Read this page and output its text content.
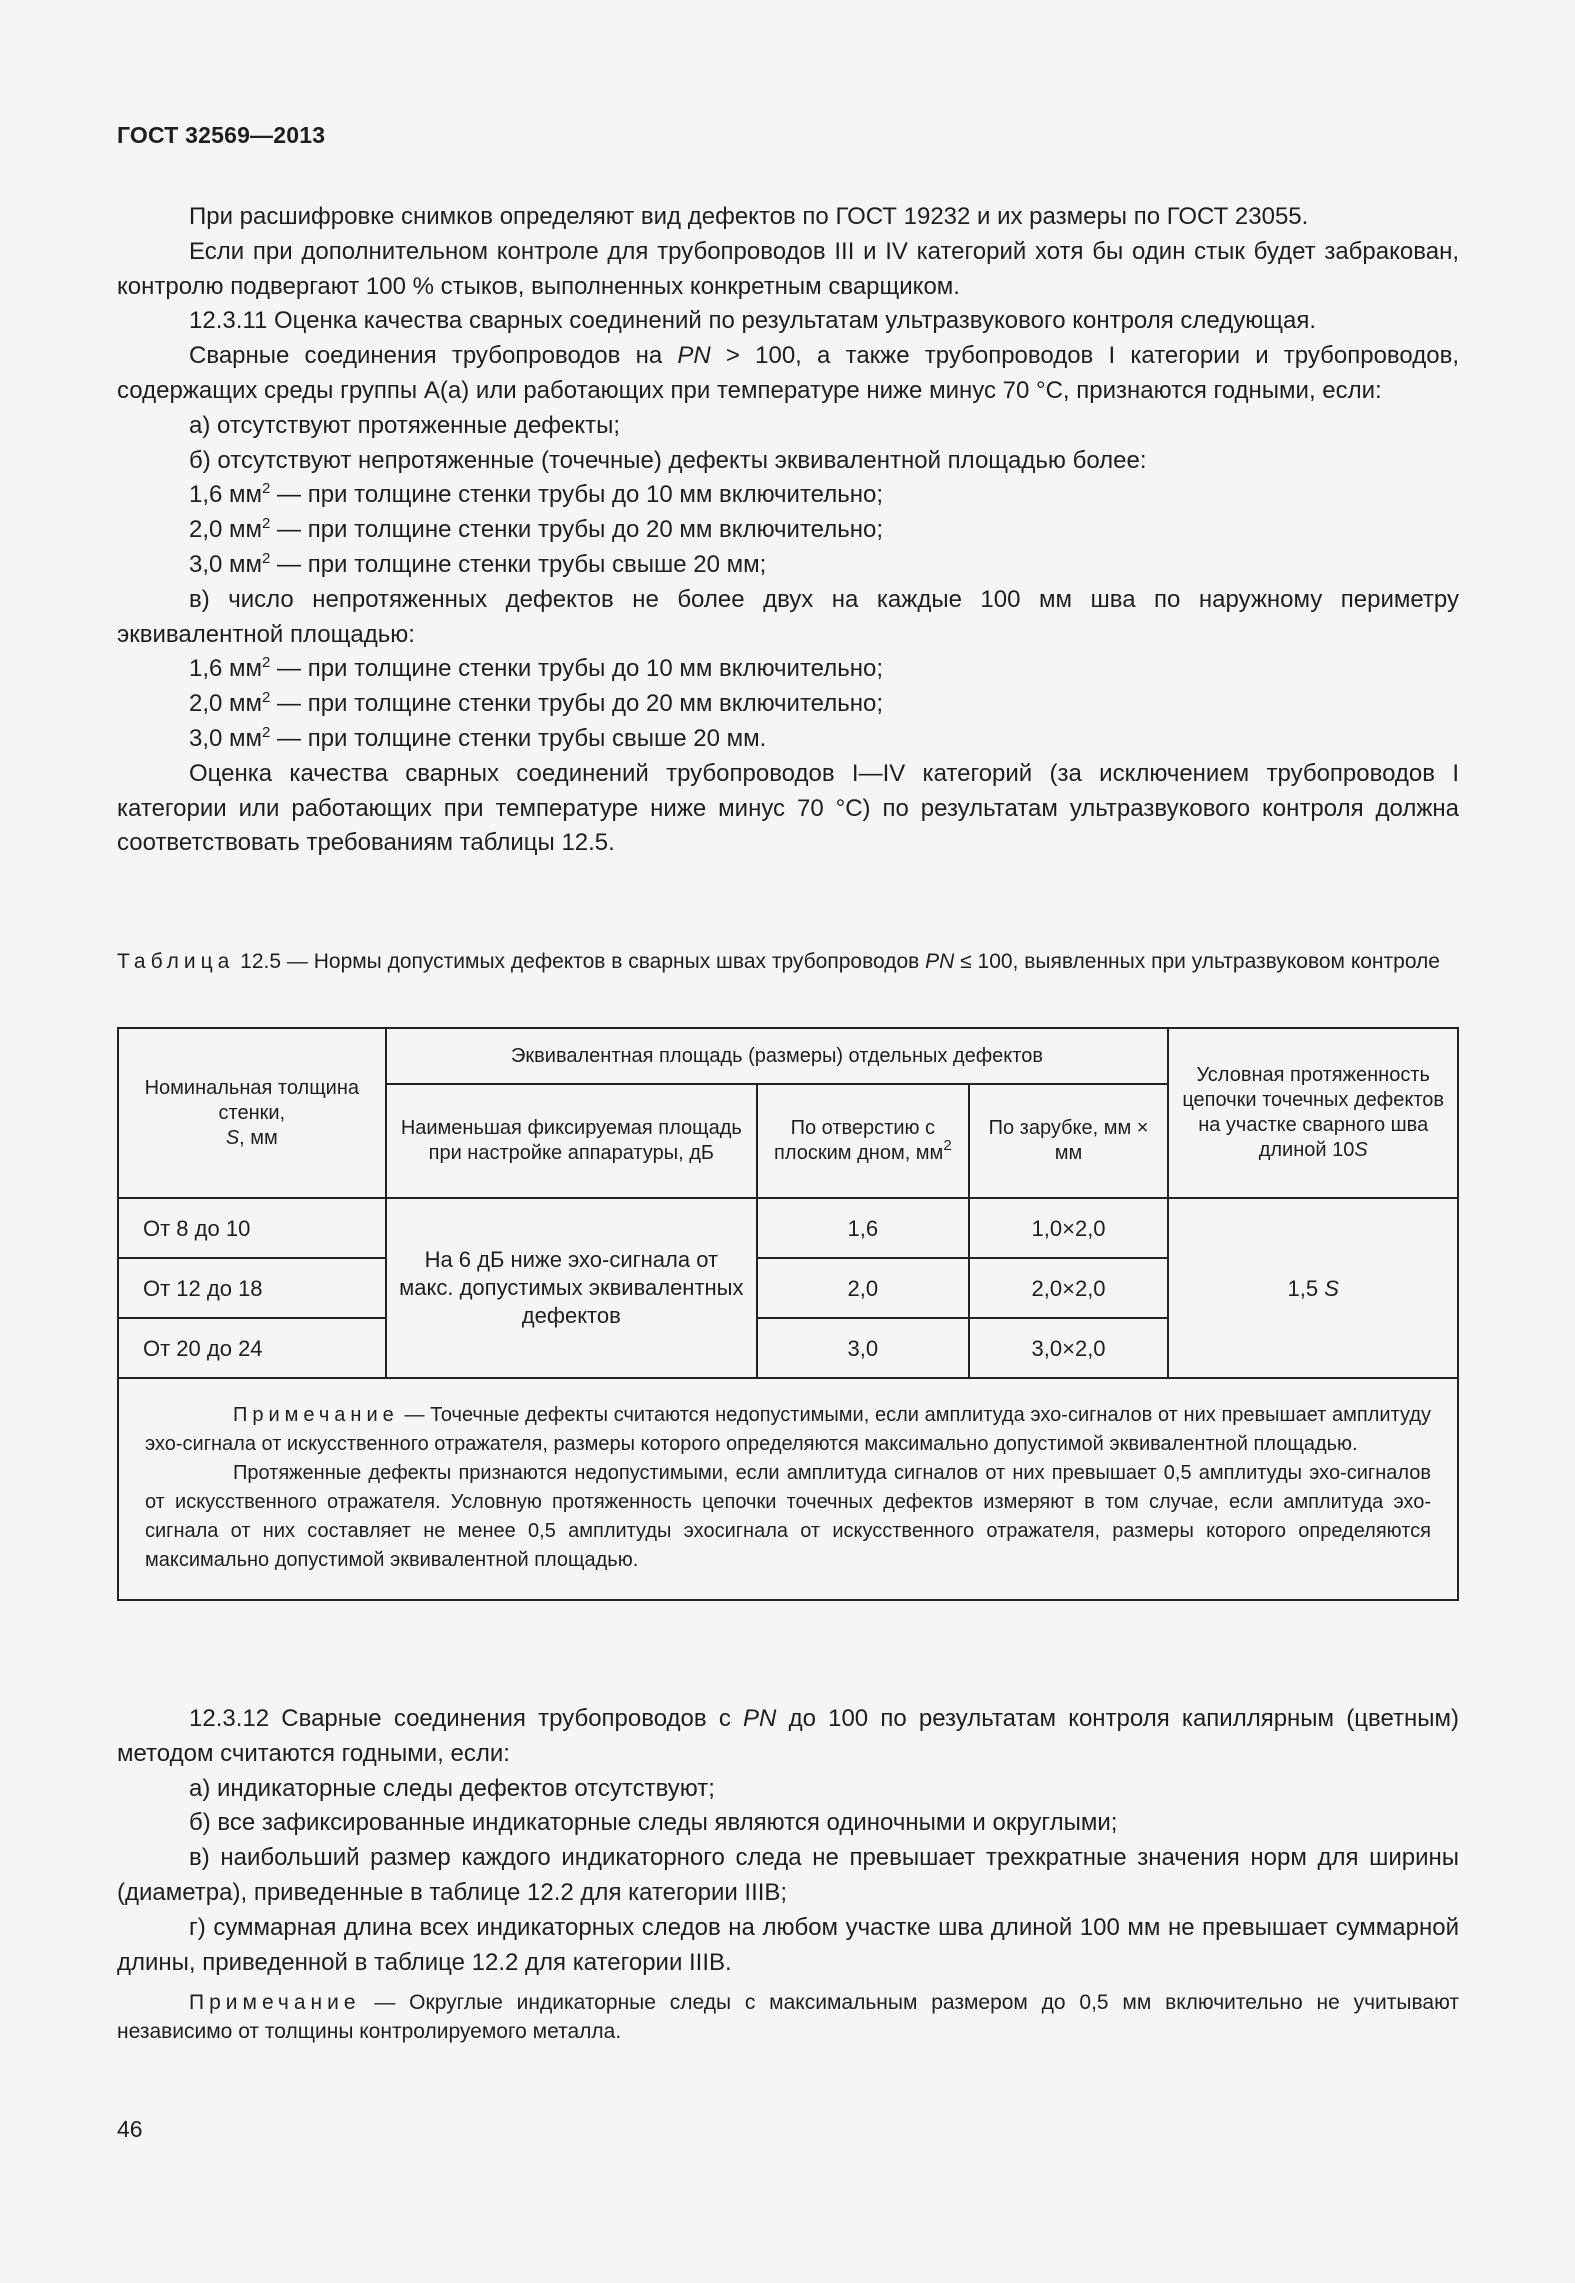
ГОСТ 32569—2013

При расшифровке снимков определяют вид дефектов по ГОСТ 19232 и их размеры по ГОСТ 23055.

Если при дополнительном контроле для трубопроводов III и IV категорий хотя бы один стык будет забракован, контролю подвергают 100 % стыков, выполненных конкретным сварщиком.

12.3.11 Оценка качества сварных соединений по результатам ультразвукового контроля следующая.

Сварные соединения трубопроводов на PN > 100, а также трубопроводов I категории и трубопроводов, содержащих среды группы А(а) или работающих при температуре ниже минус 70 °С, признаются годными, если:

а) отсутствуют протяженные дефекты;

б) отсутствуют непротяженные (точечные) дефекты эквивалентной площадью более:

1,6 $мм^2$ — при толщине стенки трубы до 10 мм включительно;

2,0 $мм^2$ — при толщине стенки трубы до 20 мм включительно;

3,0 $мм^2$ — при толщине стенки трубы свыше 20 мм;

в) число непротяженных дефектов не более двух на каждые 100 мм шва по наружному периметру эквивалентной площадью:

1,6 $мм^2$ — при толщине стенки трубы до 10 мм включительно;

2,0 $мм^2$ — при толщине стенки трубы до 20 мм включительно;

3,0 $мм^2$ — при толщине стенки трубы свыше 20 мм.

Оценка качества сварных соединений трубопроводов I—IV категорий (за исключением трубопроводов I категории или работающих при температуре ниже минус 70 °С) по результатам ультразвукового контроля должна соответствовать требованиям таблицы 12.5.

Таблица 12.5 — Нормы допустимых дефектов в сварных швах трубопроводов PN ≤ 100, выявленных при ультразвуковом контроле
Номинальная толщина стенки,
S, мм	Эквивалентная площадь (размеры) отдельных дефектов			Условная протяженность цепочки точечных дефектов на участке сварного шва длиной 10S
	Наименьшая фиксируемая площадь при настройке аппаратуры, дБ	По отверстию с плоским дном, $мм^2$	По зарубке, мм × мм	
От 8 до 10	На 6 дБ ниже эхо-сигнала от макс. допустимых эквивалентных дефектов	1,6	1,0×2,0	1,5 S
От 12 до 18		2,0	2,0×2,0	
От 20 до 24		3,0	3,0×2,0	

Примечание — Точечные дефекты считаются недопустимыми, если амплитуда эхо-сигналов от них превышает амплитуду эхо-сигнала от искусственного отражателя, размеры которого определяются максимально допустимой эквивалентной площадью.

Протяженные дефекты признаются недопустимыми, если амплитуда сигналов от них превышает 0,5 амплитуды эхо-сигналов от искусственного отражателя. Условную протяженность цепочки точечных дефектов измеряют в том случае, если амплитуда эхо-сигнала от них составляет не менее 0,5 амплитуды эхосигнала от искусственного отражателя, размеры которого определяются максимально допустимой эквивалентной площадью.				

12.3.12 Сварные соединения трубопроводов с PN до 100 по результатам контроля капиллярным (цветным) методом считаются годными, если:

а) индикаторные следы дефектов отсутствуют;

б) все зафиксированные индикаторные следы являются одиночными и округлыми;

в) наибольший размер каждого индикаторного следа не превышает трехкратные значения норм для ширины (диаметра), приведенные в таблице 12.2 для категории IIIВ;

г) суммарная длина всех индикаторных следов на любом участке шва длиной 100 мм не превышает суммарной длины, приведенной в таблице 12.2 для категории IIIВ.

Примечание — Округлые индикаторные следы с максимальным размером до 0,5 мм включительно не учитывают независимо от толщины контролируемого металла.
46
